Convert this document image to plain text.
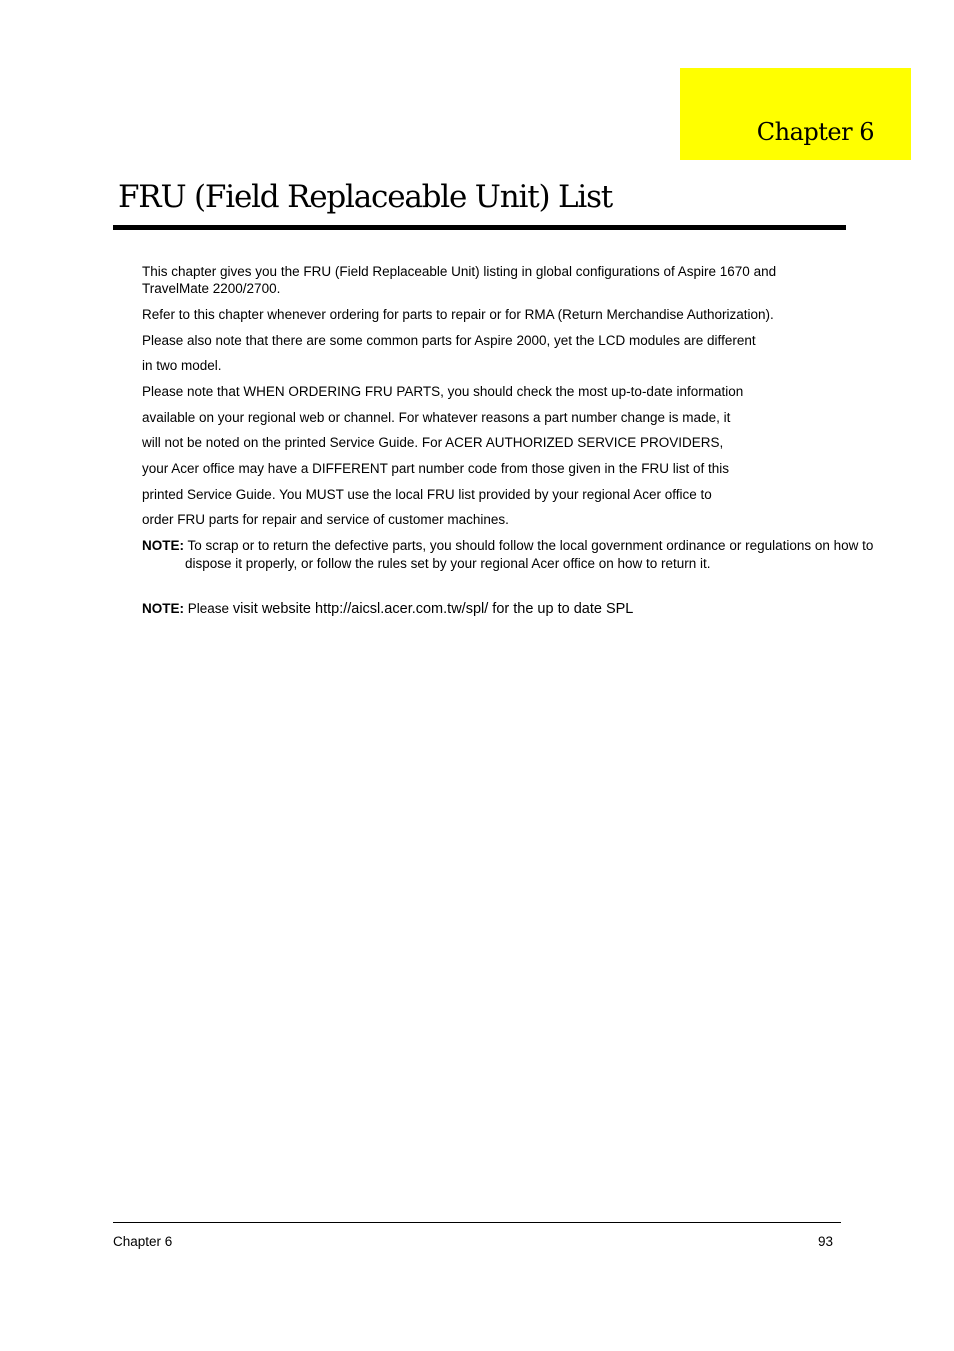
Chapter 6
FRU (Field Replaceable Unit) List

This chapter gives you the FRU (Field Replaceable Unit) listing in global configurations of Aspire 1670 and TravelMate 2200/2700.

Refer to this chapter whenever ordering for parts to repair or for RMA (Return Merchandise Authorization).

Please also note that there are some common parts for Aspire 2000, yet the LCD modules are different

in two model.

Please note that WHEN ORDERING FRU PARTS, you should check the most up-to-date information

available on your regional web or channel. For whatever reasons a part number change is made, it

will not be noted on the printed Service Guide. For ACER AUTHORIZED SERVICE PROVIDERS,

your Acer office may have a DIFFERENT part number code from those given in the FRU list of this

printed Service Guide. You MUST use the local FRU list provided by your regional Acer office to

order FRU parts for repair and service of customer machines.

NOTE: To scrap or to return the defective parts, you should follow the local government ordinance or regulations on how to dispose it properly, or follow the rules set by your regional Acer office on how to return it.

NOTE: Please visit website http://aicsl.acer.com.tw/spl/ for the up to date SPL

Chapter 6	93
